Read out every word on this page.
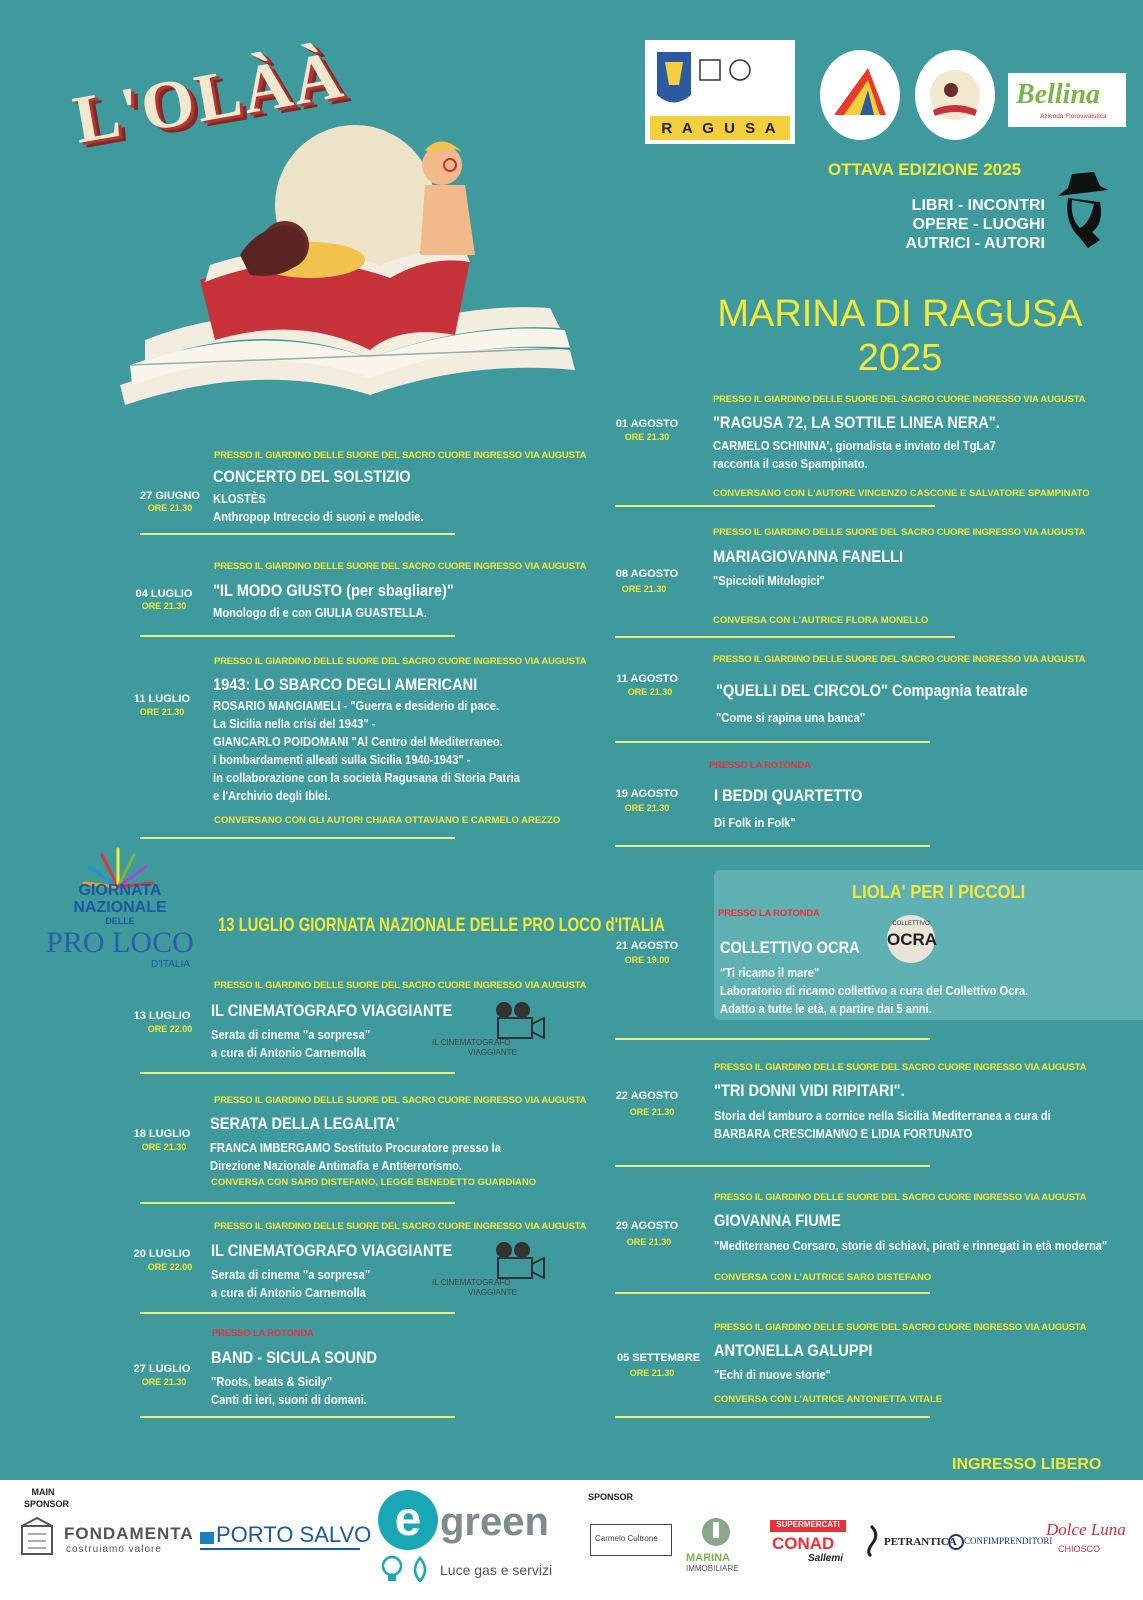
L'OLÀÀ	R A G U S A
Bellina
Azienda Florovivaistica
OTTAVA EDIZIONE 2025
LIBRI - INCONTRI
OPERE - LUOGHI
AUTRICI - AUTORI
MARINA DI RAGUSA
2025
PRESSO IL GIARDINO DELLE SUORE DEL SACRO CUORE INGRESSO VIA AUGUSTA
27 GIUGNO
ORE 21.30
CONCERTO DEL SOLSTIZIO
KLOSTÈS
Anthropop Intreccio di suoni e melodie.
PRESSO IL GIARDINO DELLE SUORE DEL SACRO CUORE INGRESSO VIA AUGUSTA
04 LUGLIO
ORE 21.30
"IL MODO GIUSTO (per sbagliare)"
Monologo di e con GIULIA GUASTELLA.
PRESSO IL GIARDINO DELLE SUORE DEL SACRO CUORE INGRESSO VIA AUGUSTA
11 LUGLIO
ORE 21.30
1943: LO SBARCO DEGLI AMERICANI
ROSARIO MANGIAMELI - "Guerra e desiderio di pace.
La Sicilia nella crisi del 1943" -
GIANCARLO POIDOMANI "Al Centro del Mediterraneo.
I bombardamenti alleati sulla Sicilia 1940-1943" -
In collaborazione con la società Ragusana di Storia Patria
e l'Archivio degli Iblei.
CONVERSANO CON GLI AUTORI CHIARA OTTAVIANO E CARMELO AREZZO
GIORNATA
NAZIONALE
DELLE
PRO LOCO
D'ITALIA
13 LUGLIO GIORNATA NAZIONALE DELLE PRO LOCO d'ITALIA
PRESSO IL GIARDINO DELLE SUORE DEL SACRO CUORE INGRESSO VIA AUGUSTA
13 LUGLIO
ORE 22.00
IL CINEMATOGRAFO VIAGGIANTE
Serata di cinema "a sorpresa"
a cura di Antonio Carnemolla
IL CINEMATOGRAFO
VIAGGIANTE
PRESSO IL GIARDINO DELLE SUORE DEL SACRO CUORE INGRESSO VIA AUGUSTA
18 LUGLIO
ORE 21.30
SERATA DELLA LEGALITA'
FRANCA IMBERGAMO Sostituto Procuratore presso la
Direzione Nazionale Antimafia e Antiterrorismo.
CONVERSA CON SARO DISTEFANO, LEGGE BENEDETTO GUARDIANO
PRESSO IL GIARDINO DELLE SUORE DEL SACRO CUORE INGRESSO VIA AUGUSTA
20 LUGLIO
ORE 22.00
IL CINEMATOGRAFO VIAGGIANTE
Serata di cinema "a sorpresa"
a cura di Antonio Carnemolla
IL CINEMATOGRAFO
VIAGGIANTE
PRESSO LA ROTONDA
27 LUGLIO
ORE 21.30
BAND - SICULA SOUND
"Roots, beats & Sicily"
Canti di ieri, suoni di domani.
PRESSO IL GIARDINO DELLE SUORE DEL SACRO CUORE INGRESSO VIA AUGUSTA
01 AGOSTO
ORE 21.30
"RAGUSA 72, LA SOTTILE LINEA NERA".
CARMELO SCHININA', giornalista e inviato del TgLa7
racconta il caso Spampinato.
CONVERSANO CON L'AUTORE VINCENZO CASCONE E SALVATORE SPAMPINATO
PRESSO IL GIARDINO DELLE SUORE DEL SACRO CUORE INGRESSO VIA AUGUSTA
08 AGOSTO
ORE 21.30
MARIAGIOVANNA FANELLI
"Spiccioli Mitologici"
CONVERSA CON L'AUTRICE FLORA MONELLO
PRESSO IL GIARDINO DELLE SUORE DEL SACRO CUORE INGRESSO VIA AUGUSTA
11 AGOSTO
ORE 21.30	"QUELLI DEL CIRCOLO" Compagnia teatrale
"Come si rapina una banca"
PRESSO LA ROTONDA
19 AGOSTO
ORE 21.30
I BEDDI QUARTETTO
Di Folk in Folk"
LIOLA' PER I PICCOLI
PRESSO LA ROTONDA
21 AGOSTO
ORE 19.00
COLLETTIVO OCRA
COLLETTIVO
OCRA
"Ti ricamo il mare"
Laboratorio di ricamo collettivo a cura del Collettivo Ocra.
Adatto a tutte le età, a partire dai 5 anni.
PRESSO IL GIARDINO DELLE SUORE DEL SACRO CUORE INGRESSO VIA AUGUSTA
22 AGOSTO
ORE 21.30
"TRI DONNI VIDI RIPITARI".
Storia del tamburo a cornice nella Sicilia Mediterranea a cura di
BARBARA CRESCIMANNO E LIDIA FORTUNATO
PRESSO IL GIARDINO DELLE SUORE DEL SACRO CUORE INGRESSO VIA AUGUSTA
29 AGOSTO
ORE 21.30
GIOVANNA FIUME
"Mediterraneo Corsaro, storie di schiavi, pirati e rinnegati in età moderna"
CONVERSA CON L'AUTRICE SARO DISTEFANO
PRESSO IL GIARDINO DELLE SUORE DEL SACRO CUORE INGRESSO VIA AUGUSTA
05 SETTEMBRE
ORE 21.30
ANTONELLA GALUPPI
"Echi di nuove storie"
CONVERSA CON L'AUTRICE ANTONIETTA VITALE
INGRESSO LIBERO
MAIN SPONSOR
SPONSOR
FONDAMENTA
costruiamo valore
PORTO SALVO e green
Luce gas e servizi
Carmelo Cultrone
MARINA
IMMOBILIARE
SUPERMERCATI
CONAD
Sallemi
PETRANTICA CONFIMPRENDITORI
Dolce Luna
CHIOSCO
